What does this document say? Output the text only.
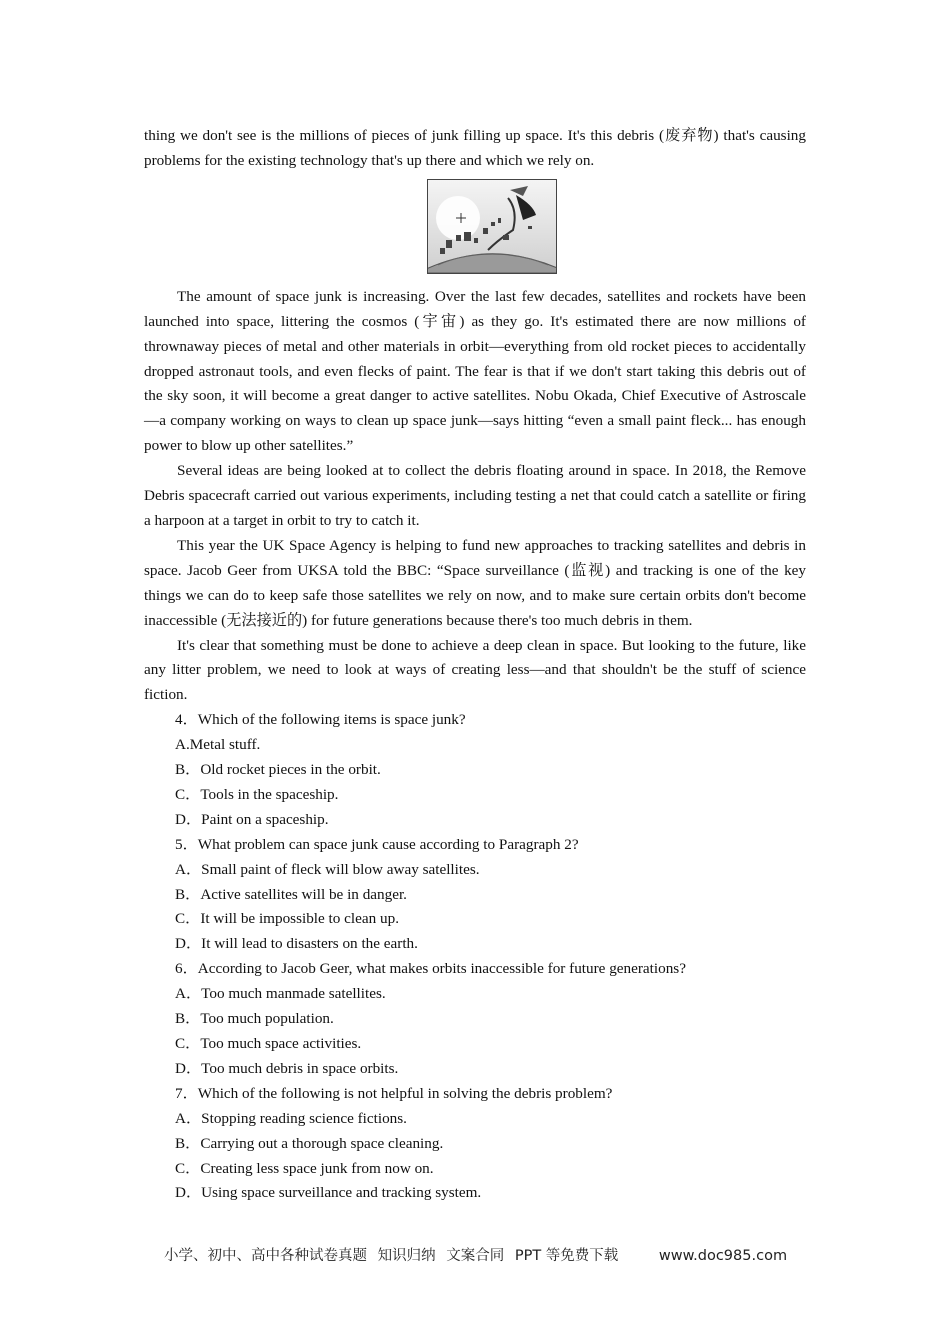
thing we don't see is the millions of pieces of junk filling up space. It's this debris (废弃物) that's causing problems for the existing technology that's up there and which we rely on.

The amount of space junk is increasing. Over the last few decades, satellites and rockets have been launched into space, littering the cosmos (宇宙) as they go. It's estimated there are now millions of thrownaway pieces of metal and other materials in orbit—everything from old rocket pieces to accidentally dropped astronaut tools, and even flecks of paint. The fear is that if we don't start taking this debris out of the sky soon, it will become a great danger to active satellites. Nobu Okada, Chief Executive of Astroscale—a company working on ways to clean up space junk—says hitting “even a small paint fleck... has enough power to blow up other satellites.”

Several ideas are being looked at to collect the debris floating around in space. In 2018, the Remove Debris spacecraft carried out various experiments, including testing a net that could catch a satellite or firing a harpoon at a target in orbit to try to catch it.

This year the UK Space Agency is helping to fund new approaches to tracking satellites and debris in space. Jacob Geer from UKSA told the BBC: “Space surveillance (监视) and tracking is one of the key things we can do to keep safe those satellites we rely on now, and to make sure certain orbits don't become inaccessible (无法接近的) for future generations because there's too much debris in them.

It's clear that something must be done to achieve a deep clean in space. But looking to the future, like any litter problem, we need to look at ways of creating less—and that shouldn't be the stuff of science fiction.

4．Which of the following items is space junk?

A.Metal stuff.

B．Old rocket pieces in the orbit.

C．Tools in the spaceship.

D．Paint on a spaceship.

5．What problem can space junk cause according to Paragraph 2?

A．Small paint of fleck will blow away satellites.

B．Active satellites will be in danger.

C．It will be impossible to clean up.

D．It will lead to disasters on the earth.

6．According to Jacob Geer, what makes orbits inaccessible for future generations?

A．Too much manmade satellites.

B．Too much population.

C．Too much space activities.

D．Too much debris in space orbits.

7．Which of the following is not helpful in solving the debris problem?

A．Stopping reading science fictions.

B．Carrying out a thorough space cleaning.

C．Creating less space junk from now on.

D．Using space surveillance and tracking system.

小学、初中、高中各种试卷真题 知识归纳 文案合同 PPT 等免费下载	www.doc985.com
